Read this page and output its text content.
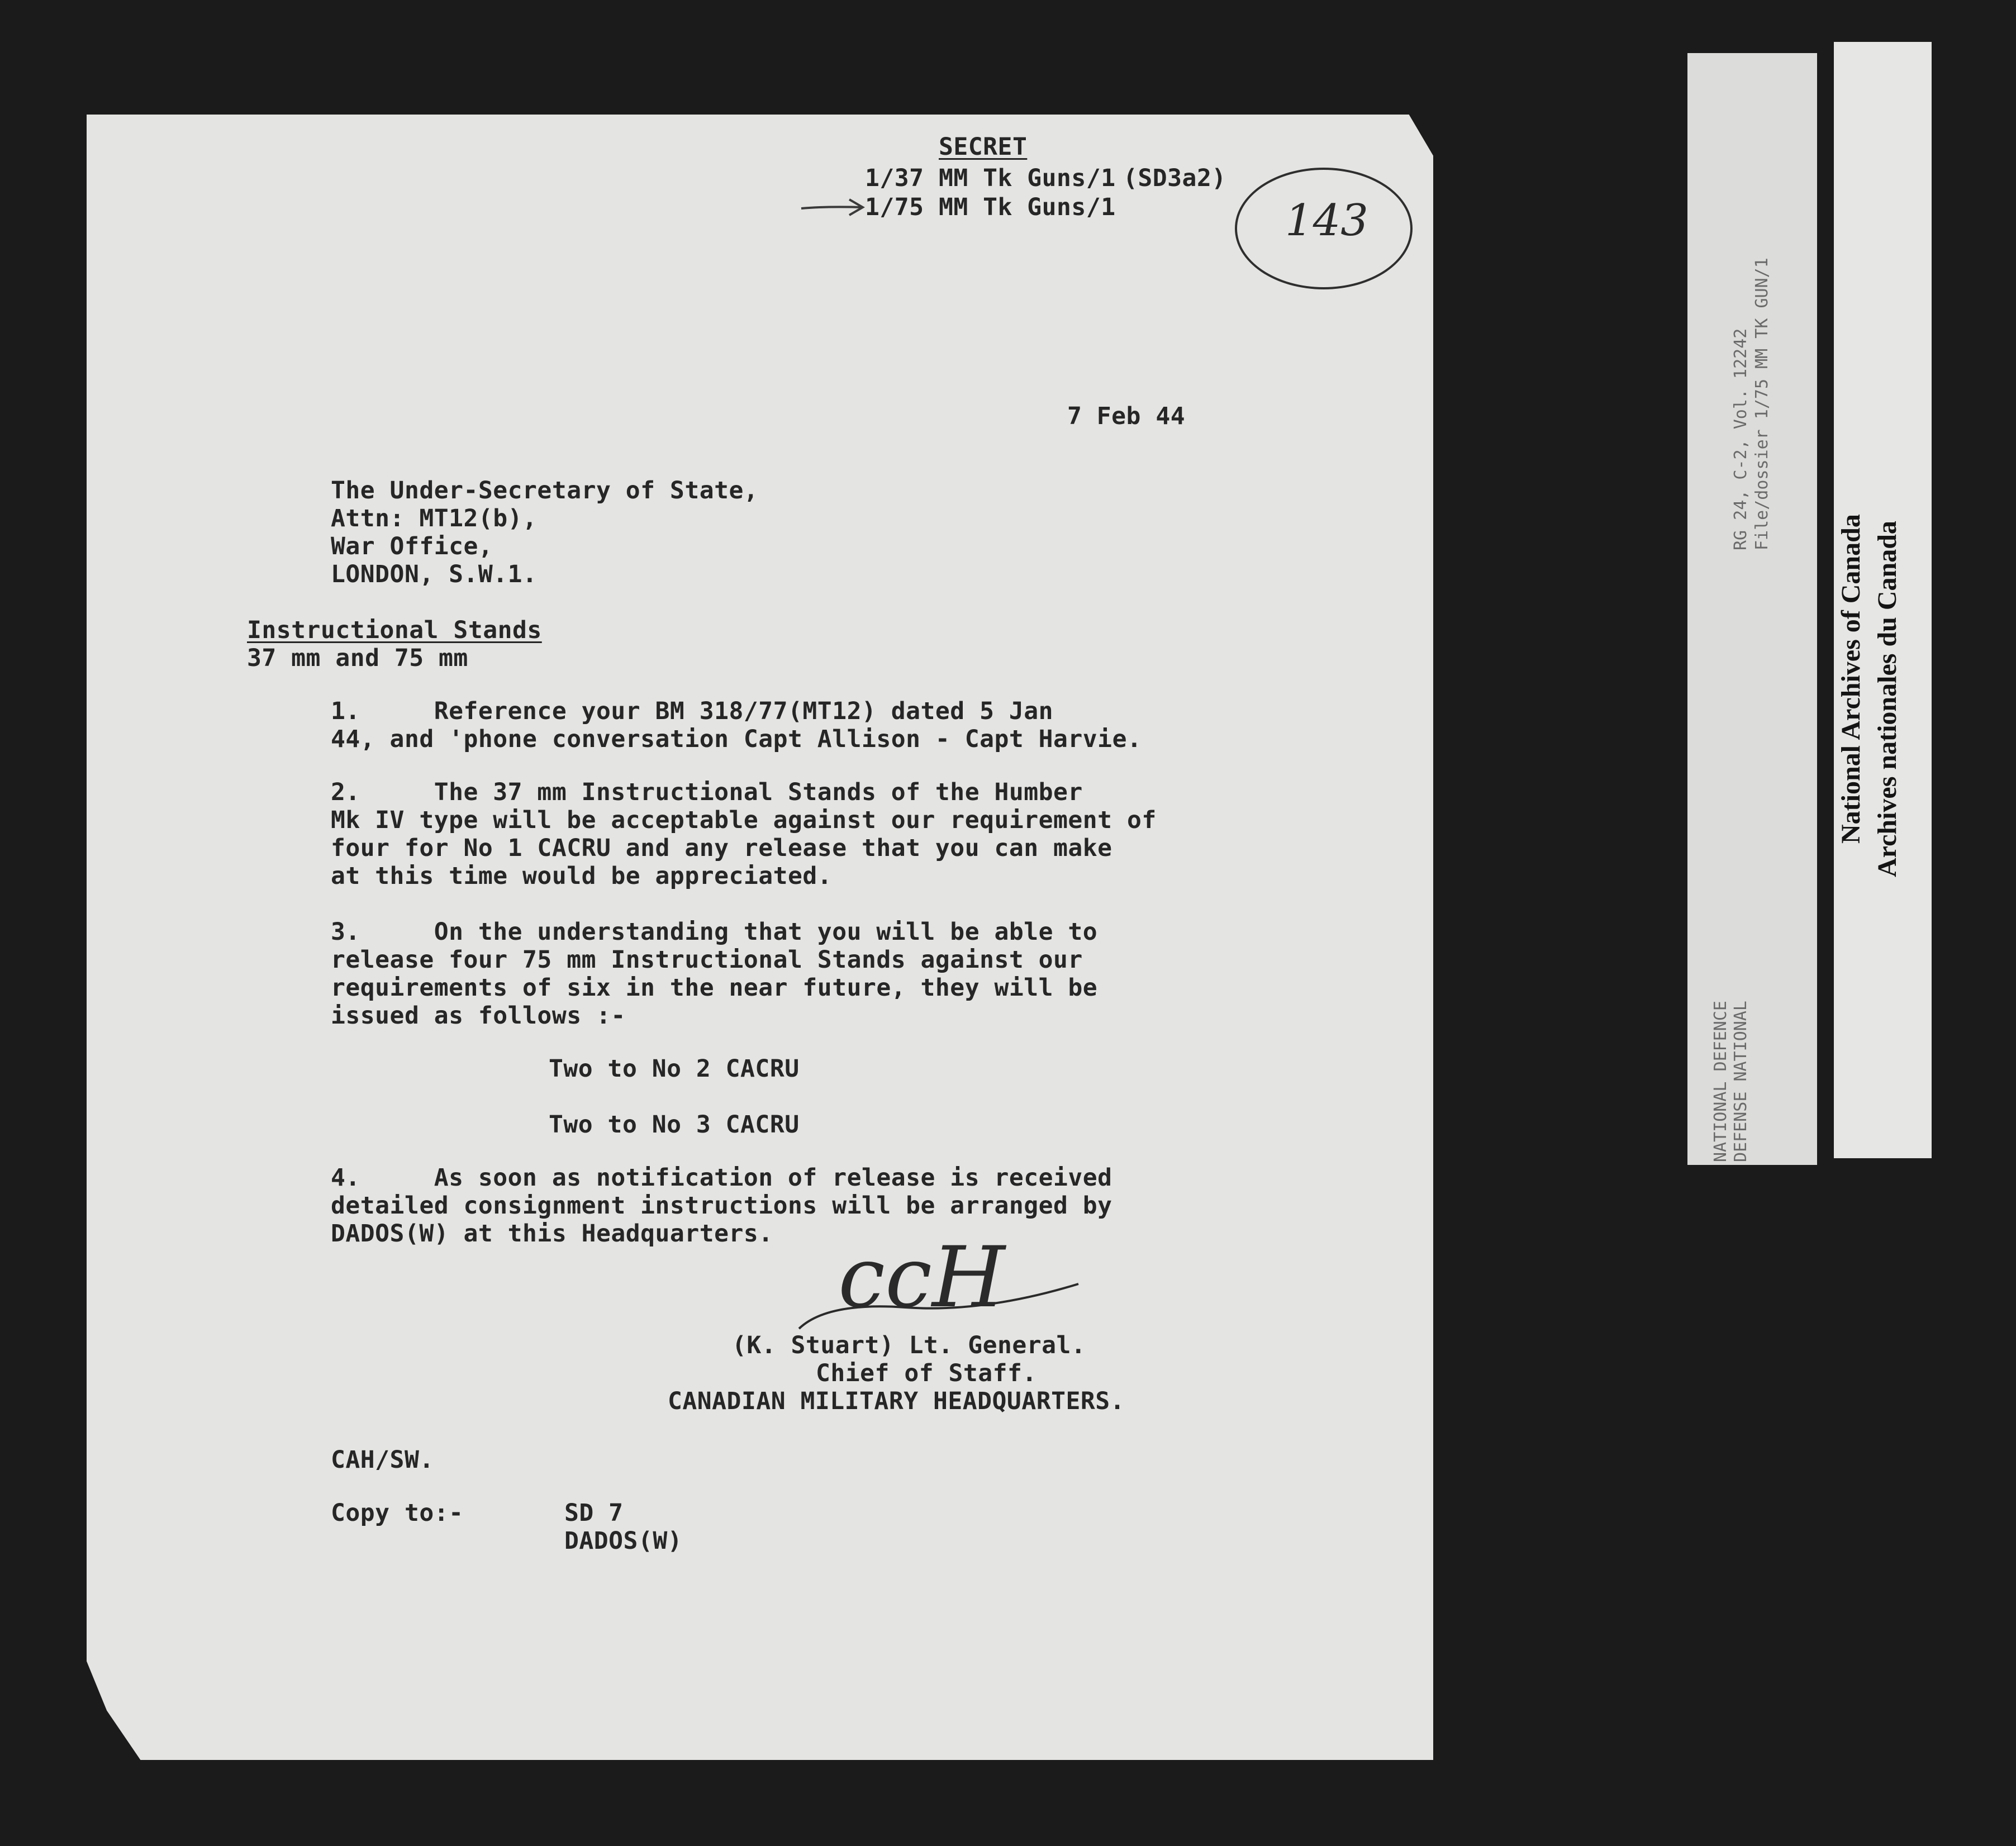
SECRET
1/37 MM Tk Guns/1 (SD3a2)
1/75 MM Tk Guns/1	143
7 Feb 44
The Under-Secretary of State,
Attn: MT12(b),
War Office,
LONDON, S.W.1.
Instructional Stands
37 mm and 75 mm
1.     Reference your BM 318/77(MT12) dated 5 Jan
44, and 'phone conversation Capt Allison - Capt Harvie.
2.     The 37 mm Instructional Stands of the Humber
Mk IV type will be acceptable against our requirement of
four for No 1 CACRU and any release that you can make
at this time would be appreciated.
3.     On the understanding that you will be able to
release four 75 mm Instructional Stands against our
requirements of six in the near future, they will be
issued as follows :-
Two to No 2 CACRU
Two to No 3 CACRU
4.     As soon as notification of release is received
detailed consignment instructions will be arranged by
DADOS(W) at this Headquarters. ccH
(K. Stuart) Lt. General.
Chief of Staff.
CANADIAN MILITARY HEADQUARTERS.
CAH/SW.
Copy to:-	SD 7
DADOS(W)
RG 24, C-2, Vol. 12242 File/dossier 1/75 MM TK GUN/1
NATIONAL DEFENCE DEFENSE NATIONAL
National Archives of Canada Archives nationales du Canada
